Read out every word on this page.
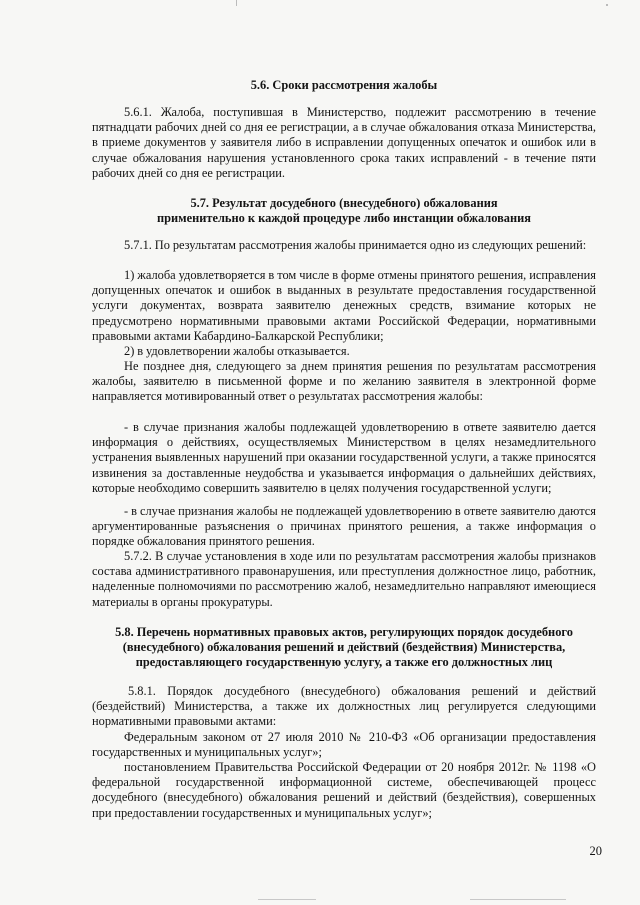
5.6. Сроки рассмотрения жалобы

5.6.1. Жалоба, поступившая в Министерство, подлежит рассмотрению в течение пятнадцати рабочих дней со дня ее регистрации, а в случае обжалования отказа Министерства, в приеме документов у заявителя либо в исправлении допущенных опечаток и ошибок или в случае обжалования нарушения установленного срока таких исправлений - в течение пяти рабочих дней со дня ее регистрации.

5.7. Результат досудебного (внесудебного) обжалования
применительно к каждой процедуре либо инстанции обжалования

5.7.1. По результатам рассмотрения жалобы принимается одно из следующих решений:

1) жалоба удовлетворяется в том числе в форме отмены принятого решения, исправления допущенных опечаток и ошибок в выданных в результате предоставления государственной услуги документах, возврата заявителю денежных средств, взимание которых не предусмотрено нормативными правовыми актами Российской Федерации, нормативными правовыми актами Кабардино-Балкарской Республики;

2) в удовлетворении жалобы отказывается.

Не позднее дня, следующего за днем принятия решения по результатам рассмотрения жалобы, заявителю в письменной форме и по желанию заявителя в электронной форме направляется мотивированный ответ о результатах рассмотрения жалобы:

- в случае признания жалобы подлежащей удовлетворению в ответе заявителю дается информация о действиях, осуществляемых Министерством в целях незамедлительного устранения выявленных нарушений при оказании государственной услуги, а также приносятся извинения за доставленные неудобства и указывается информация о дальнейших действиях, которые необходимо совершить заявителю в целях получения государственной услуги;

- в случае признания жалобы не подлежащей удовлетворению в ответе заявителю даются аргументированные разъяснения о причинах принятого решения, а также информация о порядке обжалования принятого решения.

5.7.2. В случае установления в ходе или по результатам рассмотрения жалобы признаков состава административного правонарушения, или преступления должностное лицо, работник, наделенные полномочиями по рассмотрению жалоб, незамедлительно направляют имеющиеся материалы в органы прокуратуры.

5.8. Перечень нормативных правовых актов, регулирующих порядок досудебного
(внесудебного) обжалования решений и действий (бездействия) Министерства,
предоставляющего государственную услугу, а также его должностных лиц

5.8.1. Порядок досудебного (внесудебного) обжалования решений и действий (бездействий) Министерства, а также их должностных лиц регулируется следующими нормативными правовыми актами:

Федеральным законом от 27 июля 2010 № 210-ФЗ «Об организации предоставления государственных и муниципальных услуг»;

постановлением Правительства Российской Федерации от 20 ноября 2012г. № 1198 «О федеральной государственной информационной системе, обеспечивающей процесс досудебного (внесудебного) обжалования решений и действий (бездействия), совершенных при предоставлении государственных и муниципальных услуг»;

20
